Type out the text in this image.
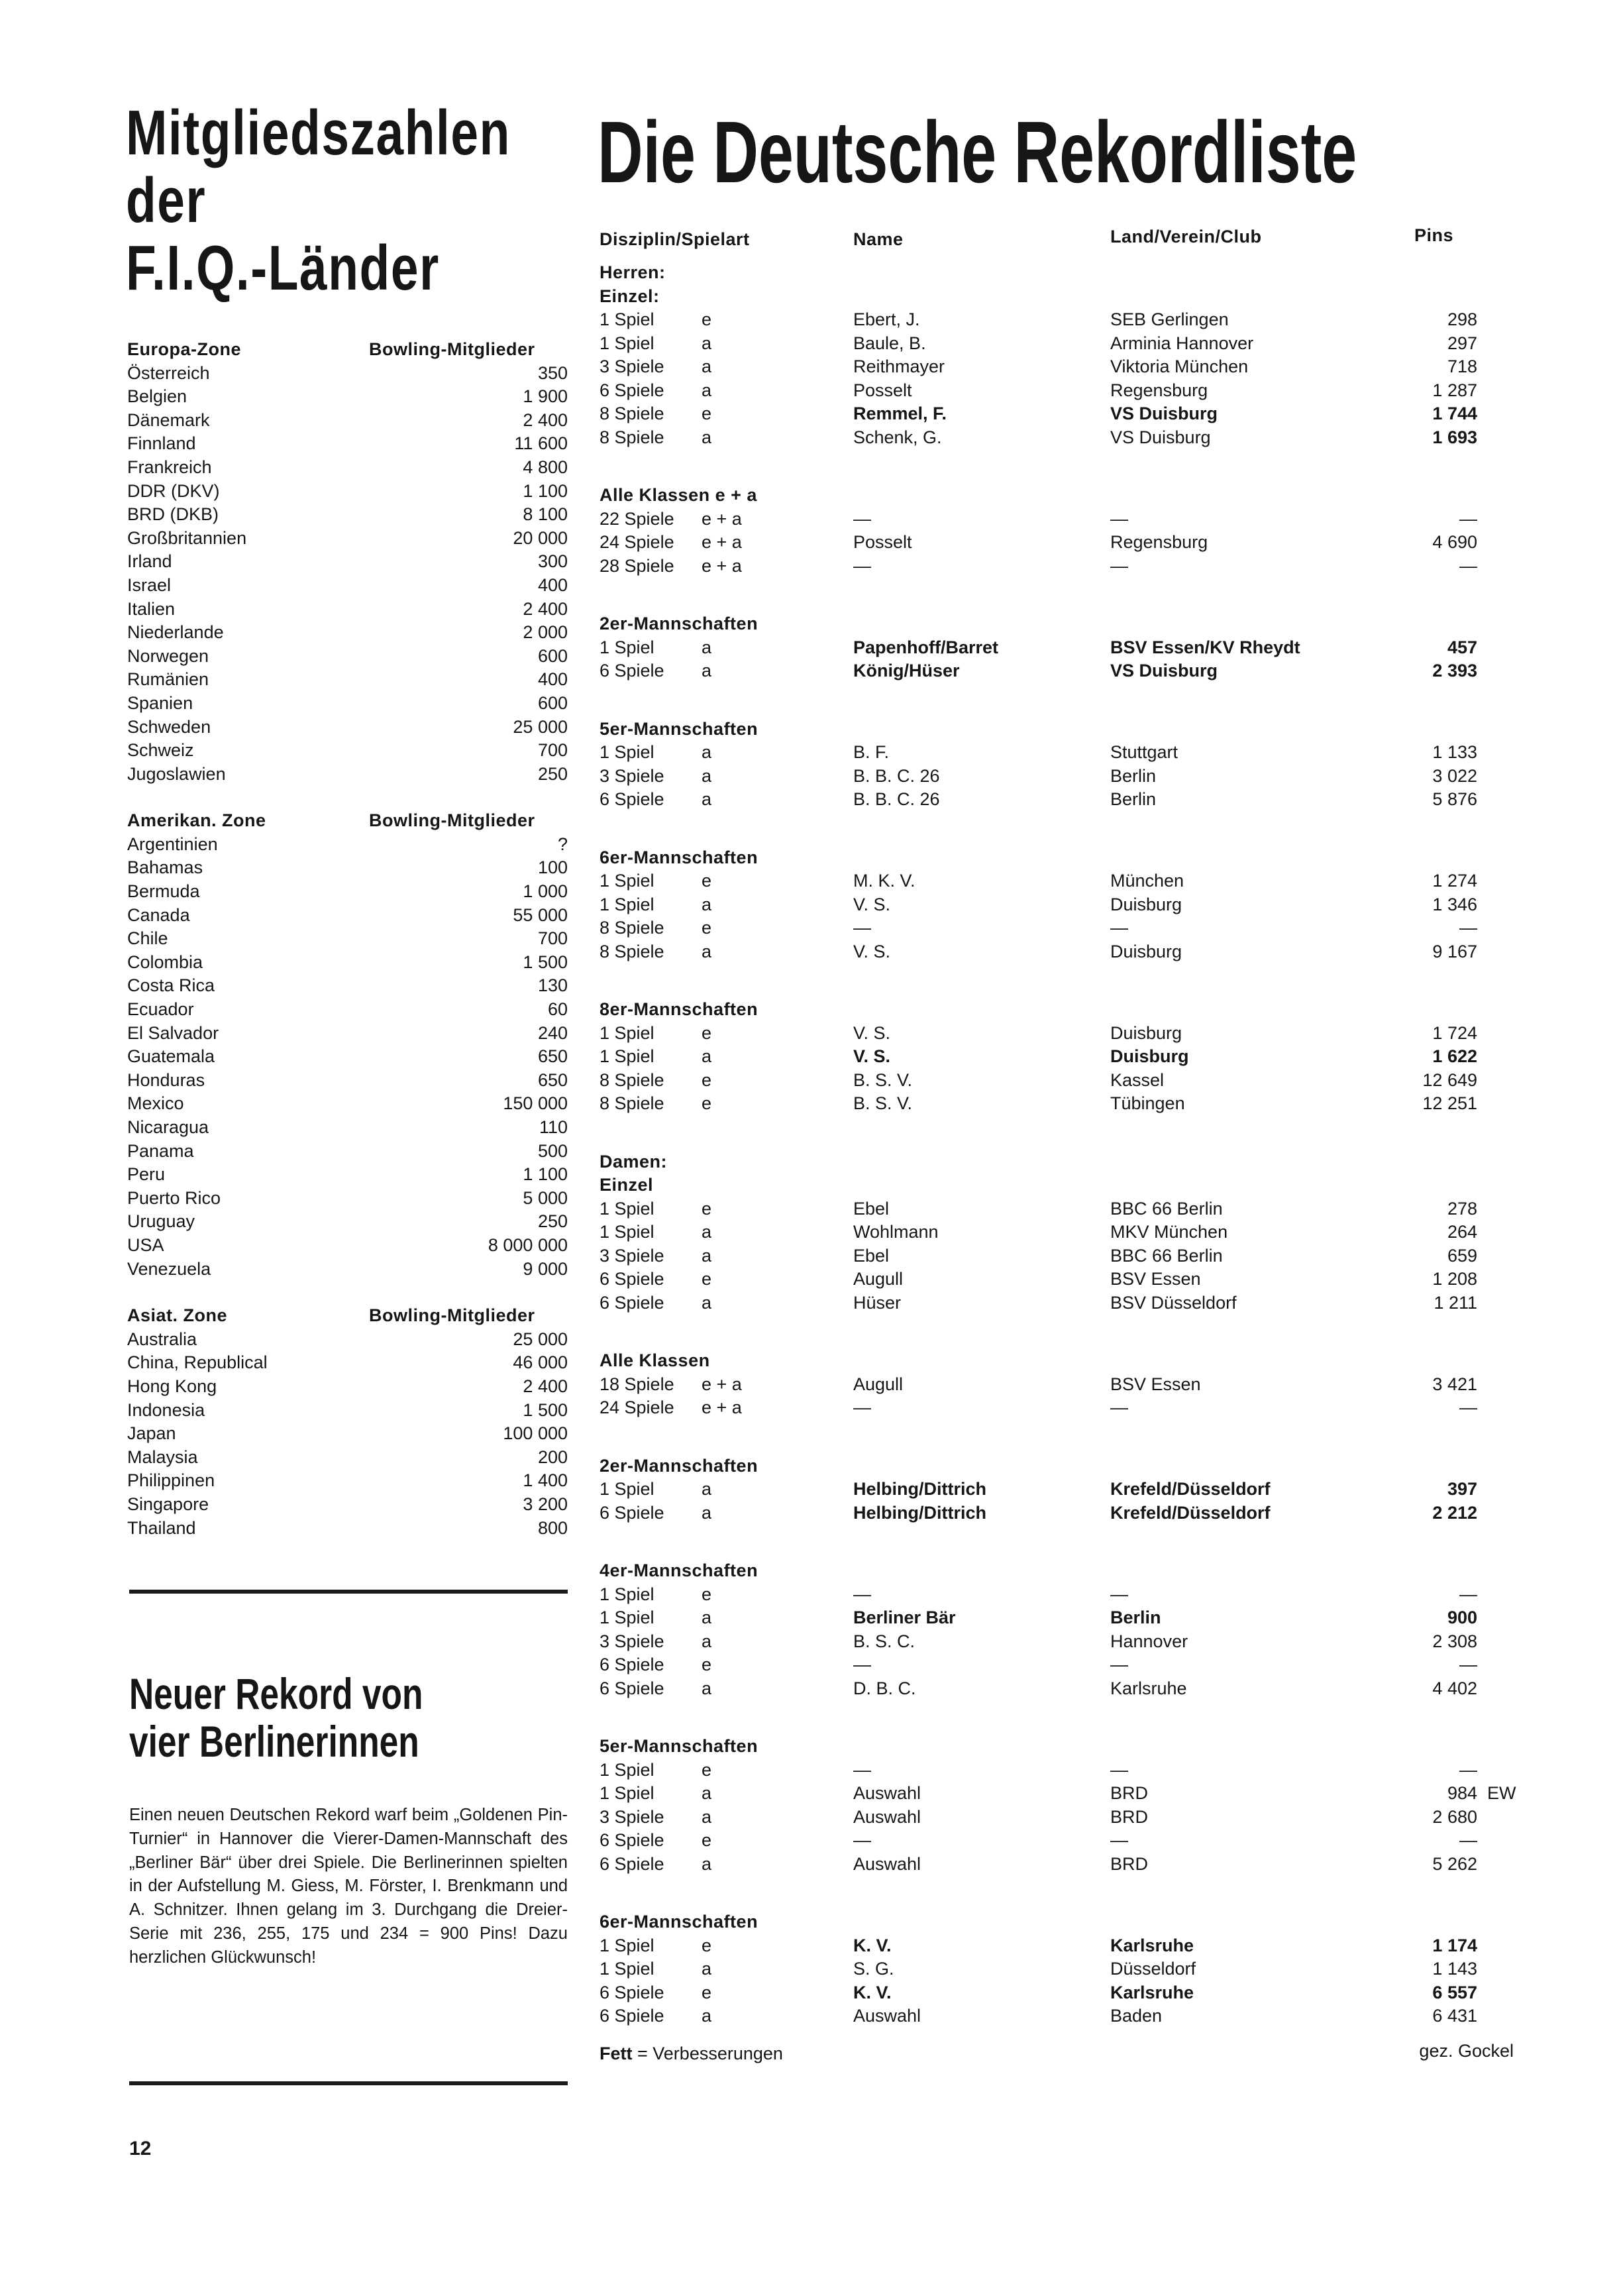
Mitgliedszahlen
der
F.I.Q.-Länder
Europa-Zone	Bowling-Mitglieder
Österreich	350
Belgien	1 900
Dänemark	2 400
Finnland	11 600
Frankreich	4 800
DDR (DKV)	1 100
BRD (DKB)	8 100
Großbritannien	20 000
Irland	300
Israel	400
Italien	2 400
Niederlande	2 000
Norwegen	600
Rumänien	400
Spanien	600
Schweden	25 000
Schweiz	700
Jugoslawien	250
Amerikan. Zone	Bowling-Mitglieder
Argentinien	?
Bahamas	100
Bermuda	1 000
Canada	55 000
Chile	700
Colombia	1 500
Costa Rica	130
Ecuador	60
El Salvador	240
Guatemala	650
Honduras	650
Mexico	150 000
Nicaragua	110
Panama	500
Peru	1 100
Puerto Rico	5 000
Uruguay	250
USA	8 000 000
Venezuela	9 000
Asiat. Zone	Bowling-Mitglieder
Australia	25 000
China, Republical	46 000
Hong Kong	2 400
Indonesia	1 500
Japan	100 000
Malaysia	200
Philippinen	1 400
Singapore	3 200
Thailand	800
Neuer Rekord von
vier Berlinerinnen
Einen neuen Deutschen Rekord warf beim „Goldenen Pin-Turnier“ in Hannover die Vierer-Damen-Mannschaft des „Berliner Bär“ über drei Spiele. Die Berlinerinnen spielten in der Aufstellung M. Giess, M. Förster, I. Brenkmann und A. Schnitzer. Ihnen gelang im 3. Durchgang die Dreier-Serie mit 236, 255, 175 und 234 = 900 Pins! Dazu herzlichen Glückwunsch!
12
Die Deutsche Rekordliste
Disziplin/Spielart	Name	Land/Verein/Club	Pins
Herren:
Einzel:
1 Spiel	e	Ebert, J.	SEB Gerlingen	298
1 Spiel	a	Baule, B.	Arminia Hannover	297
3 Spiele a	Reithmayer	Viktoria München	718
6 Spiele a	Posselt	Regensburg	1 287
8 Spiele e	Remmel, F.	VS Duisburg	1 744
8 Spiele a	Schenk, G.	VS Duisburg	1 693
Alle Klassen e + a
22 Spiele e + a	—	—	—
24 Spiele e + a	Posselt	Regensburg	4 690
28 Spiele e + a	—	—	—
2er-Mannschaften
1 Spiel	a	Papenhoff/Barret	BSV Essen/KV Rheydt	457
6 Spiele a	König/Hüser	VS Duisburg	2 393
5er-Mannschaften
1 Spiel	a	B. F.	Stuttgart	1 133
3 Spiele a	B. B. C. 26	Berlin	3 022
6 Spiele a	B. B. C. 26	Berlin	5 876
6er-Mannschaften
1 Spiel	e	M. K. V.	München	1 274
1 Spiel	a	V. S.	Duisburg	1 346
8 Spiele e	—	—	—
8 Spiele a	V. S.	Duisburg	9 167
8er-Mannschaften
1 Spiel	e	V. S.	Duisburg	1 724
1 Spiel	a	V. S.	Duisburg	1 622
8 Spiele e	B. S. V.	Kassel	12 649
8 Spiele e	B. S. V.	Tübingen	12 251
Damen:
Einzel
1 Spiel	e	Ebel	BBC 66 Berlin	278
1 Spiel	a	Wohlmann	MKV München	264
3 Spiele a	Ebel	BBC 66 Berlin	659
6 Spiele e	Augull	BSV Essen	1 208
6 Spiele a	Hüser	BSV Düsseldorf	1 211
Alle Klassen
18 Spiele e + a	Augull	BSV Essen	3 421
24 Spiele e + a	—	—	—
2er-Mannschaften
1 Spiel	a	Helbing/Dittrich	Krefeld/Düsseldorf	397
6 Spiele a	Helbing/Dittrich	Krefeld/Düsseldorf	2 212
4er-Mannschaften
1 Spiel	e	—	—	—
1 Spiel	a	Berliner Bär	Berlin	900
3 Spiele a	B. S. C.	Hannover	2 308
6 Spiele e	—	—	—
6 Spiele a	D. B. C.	Karlsruhe	4 402
5er-Mannschaften
1 Spiel	e	—	—	—
1 Spiel	a	Auswahl	BRD	984 EW
3 Spiele a	Auswahl	BRD	2 680
6 Spiele e	—	—	—
6 Spiele a	Auswahl	BRD	5 262
6er-Mannschaften
1 Spiel	e	K. V.	Karlsruhe	1 174
1 Spiel	a	S. G.	Düsseldorf	1 143
6 Spiele e	K. V.	Karlsruhe	6 557
6 Spiele a	Auswahl	Baden	6 431
Fett = Verbesserungen	gez. Gockel
